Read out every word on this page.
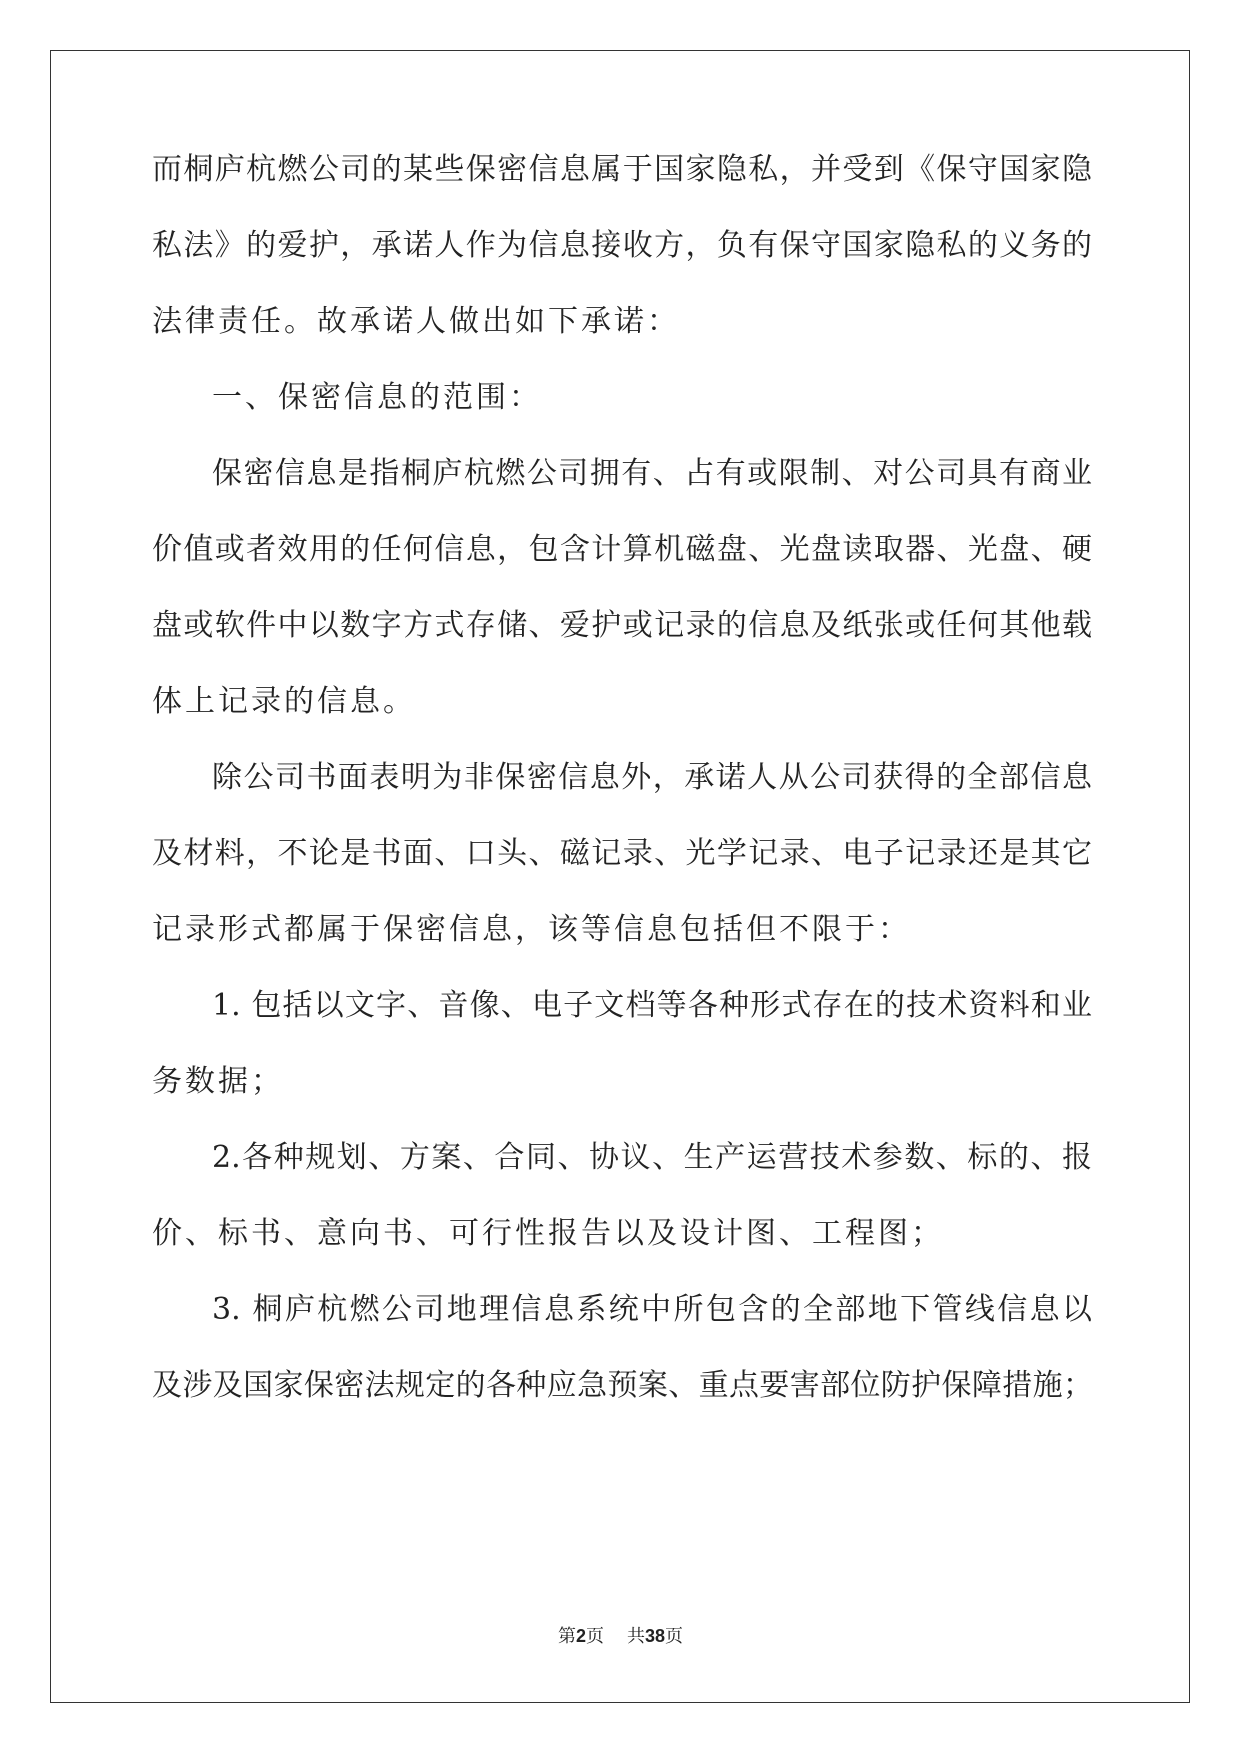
而桐庐杭燃公司的某些保密信息属于国家隐私，并受到《保守国家隐
私法》的爱护，承诺人作为信息接收方，负有保守国家隐私的义务的
法律责任。故承诺人做出如下承诺：
一、保密信息的范围：
保密信息是指桐庐杭燃公司拥有、占有或限制、对公司具有商业
价值或者效用的任何信息，包含计算机磁盘、光盘读取器、光盘、硬
盘或软件中以数字方式存储、爱护或记录的信息及纸张或任何其他载
体上记录的信息。
除公司书面表明为非保密信息外，承诺人从公司获得的全部信息
及材料，不论是书面、口头、磁记录、光学记录、电子记录还是其它
记录形式都属于保密信息，该等信息包括但不限于：
1. 包括以文字、音像、电子文档等各种形式存在的技术资料和业
务数据；
2.各种规划、方案、合同、协议、生产运营技术参数、标的、报
价、标书、意向书、可行性报告以及设计图、工程图；
3. 桐庐杭燃公司地理信息系统中所包含的全部地下管线信息以
及涉及国家保密法规定的各种应急预案、重点要害部位防护保障措施；
第2页 共38页
